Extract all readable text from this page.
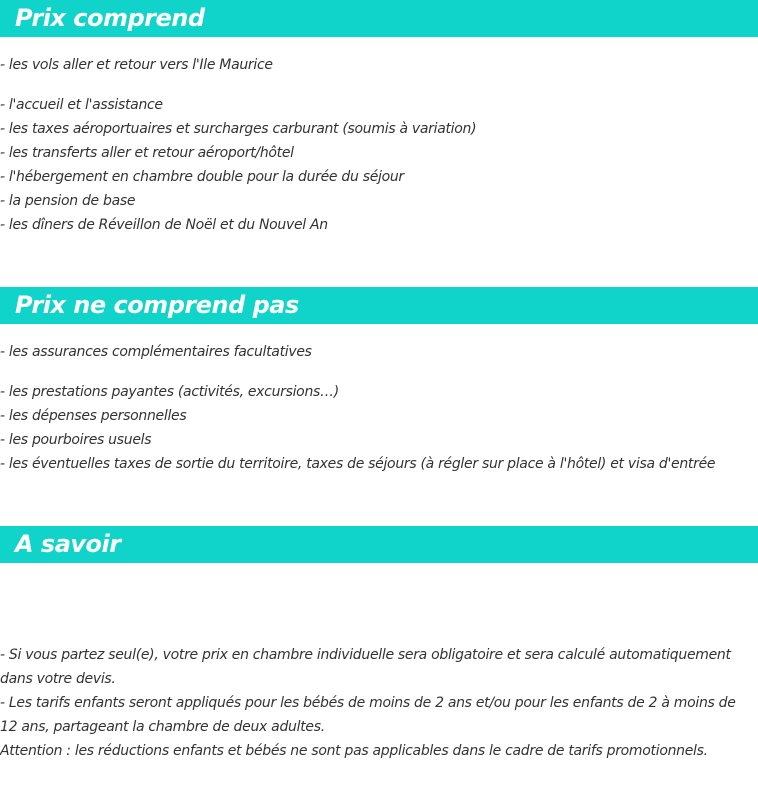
Prix comprend
- les vols aller et retour vers l'Ile Maurice
- l'accueil et l'assistance
- les taxes aéroportuaires et surcharges carburant (soumis à variation)
- les transferts aller et retour aéroport/hôtel
- l'hébergement en chambre double pour la durée du séjour
- la pension de base
- les dîners de Réveillon de Noël et du Nouvel An
Prix ne comprend pas
- les assurances complémentaires facultatives
- les prestations payantes (activités, excursions…)
- les dépenses personnelles
- les pourboires usuels
- les éventuelles taxes de sortie du territoire, taxes de séjours (à régler sur place à l'hôtel) et visa d'entrée
A savoir
- Si vous partez seul(e), votre prix en chambre individuelle sera obligatoire et sera calculé automatiquement dans votre devis.
- Les tarifs enfants seront appliqués pour les bébés de moins de 2 ans et/ou pour les enfants de 2 à moins de 12 ans, partageant la chambre de deux adultes.
Attention : les réductions enfants et bébés ne sont pas applicables dans le cadre de tarifs promotionnels.
